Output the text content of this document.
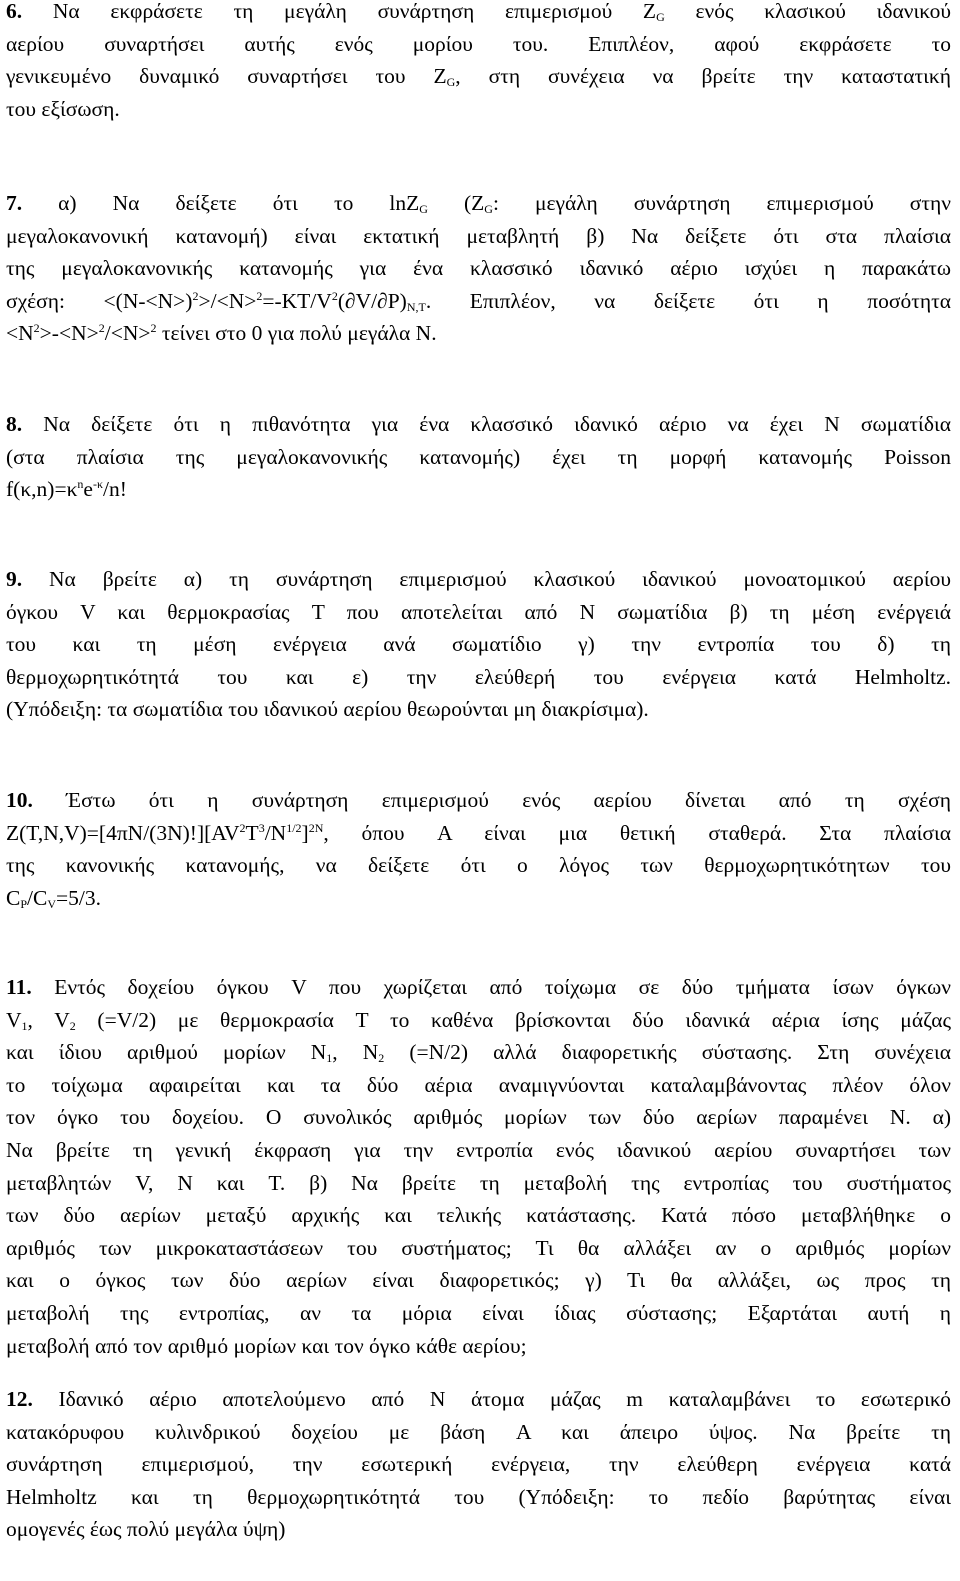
6. Να εκφράσετε τη μεγάλη συνάρτηση επιμερισμού $Z_G$ ενός κλασικού ιδανικού
αερίου συναρτήσει αυτής ενός μορίου του. Επιπλέον, αφού εκφράσετε το
γενικευμένο δυναμικό συναρτήσει του $Z_G$, στη συνέχεια να βρείτε την καταστατική
του εξίσωση.
7. α) Να δείξετε ότι το lnZ$_G$ ($Z_G$: μεγάλη συνάρτηση επιμερισμού στην
μεγαλοκανονική κατανομή) είναι εκτατική μεταβλητή β) Να δείξετε ότι στα πλαίσια
της μεγαλοκανονικής κατανομής για ένα κλασσικό ιδανικό αέριο ισχύει η παρακάτω
σχέση: $<(N-<N>)^2>/<N>^2=-KT/V^2(\partial V/\partial P)_{N,T}$. Επιπλέον, να δείξετε ότι η ποσότητα
$<N^2>-<N>^2/<N>^2$ τείνει στο 0 για πολύ μεγάλα N.
8. Να δείξετε ότι η πιθανότητα για ένα κλασσικό ιδανικό αέριο να έχει N σωματίδια
(στα πλαίσια της μεγαλοκανονικής κατανομής) έχει τη μορφή κατανομής Poisson
$f(\kappa,n)=\kappa^ne^{-\kappa}/n$!
9. Να βρείτε α) τη συνάρτηση επιμερισμού κλασικού ιδανικού μονοατομικού αερίου
όγκου V και θερμοκρασίας T που αποτελείται από N σωματίδια β) τη μέση ενέργειά
του και τη μέση ενέργεια ανά σωματίδιο γ) την εντροπία του δ) τη
θερμοχωρητικότητά του και ε) την ελεύθερή του ενέργεια κατά Helmholtz.
(Υπόδειξη: τα σωματίδια του ιδανικού αερίου θεωρούνται μη διακρίσιμα).
10. Έστω ότι η συνάρτηση επιμερισμού ενός αερίου δίνεται από τη σχέση
$Z(T,N,V)=[4\pi N/(3N)!][AV^2T^3/N^{1/2}]^{2N}$, όπου A είναι μια θετική σταθερά. Στα πλαίσια
της κανονικής κατανομής, να δείξετε ότι ο λόγος των θερμοχωρητικότητων του
$C_P/C_V=5/3$.
11. Εντός δοχείου όγκου V που χωρίζεται από τοίχωμα σε δύο τμήματα ίσων όγκων
$V_1$, $V_2$ (=V/2) με θερμοκρασία T το καθένα βρίσκονται δύο ιδανικά αέρια ίσης μάζας
και ίδιου αριθμού μορίων $N_1$, $N_2$ (=N/2) αλλά διαφορετικής σύστασης. Στη συνέχεια
το τοίχωμα αφαιρείται και τα δύο αέρια αναμιγνύονται καταλαμβάνοντας πλέον όλον
τον όγκο του δοχείου. Ο συνολικός αριθμός μορίων των δύο αερίων παραμένει N. α)
Να βρείτε τη γενική έκφραση για την εντροπία ενός ιδανικού αερίου συναρτήσει των
μεταβλητών V, N και T. β) Να βρείτε τη μεταβολή της εντροπίας του συστήματος
των δύο αερίων μεταξύ αρχικής και τελικής κατάστασης. Κατά πόσο μεταβλήθηκε ο
αριθμός των μικροκαταστάσεων του συστήματος; Τι θα αλλάξει αν ο αριθμός μορίων
και ο όγκος των δύο αερίων είναι διαφορετικός; γ) Τι θα αλλάξει, ως προς τη
μεταβολή της εντροπίας, αν τα μόρια είναι ίδιας σύστασης; Εξαρτάται αυτή η
μεταβολή από τον αριθμό μορίων και τον όγκο κάθε αερίου;
12. Ιδανικό αέριο αποτελούμενο από N άτομα μάζας m καταλαμβάνει το εσωτερικό
κατακόρυφου κυλινδρικού δοχείου με βάση A και άπειρο ύψος. Να βρείτε τη
συνάρτηση επιμερισμού, την εσωτερική ενέργεια, την ελεύθερη ενέργεια κατά
Helmholtz και τη θερμοχωρητικότητά του (Υπόδειξη: το πεδίο βαρύτητας είναι
ομογενές έως πολύ μεγάλα ύψη)
